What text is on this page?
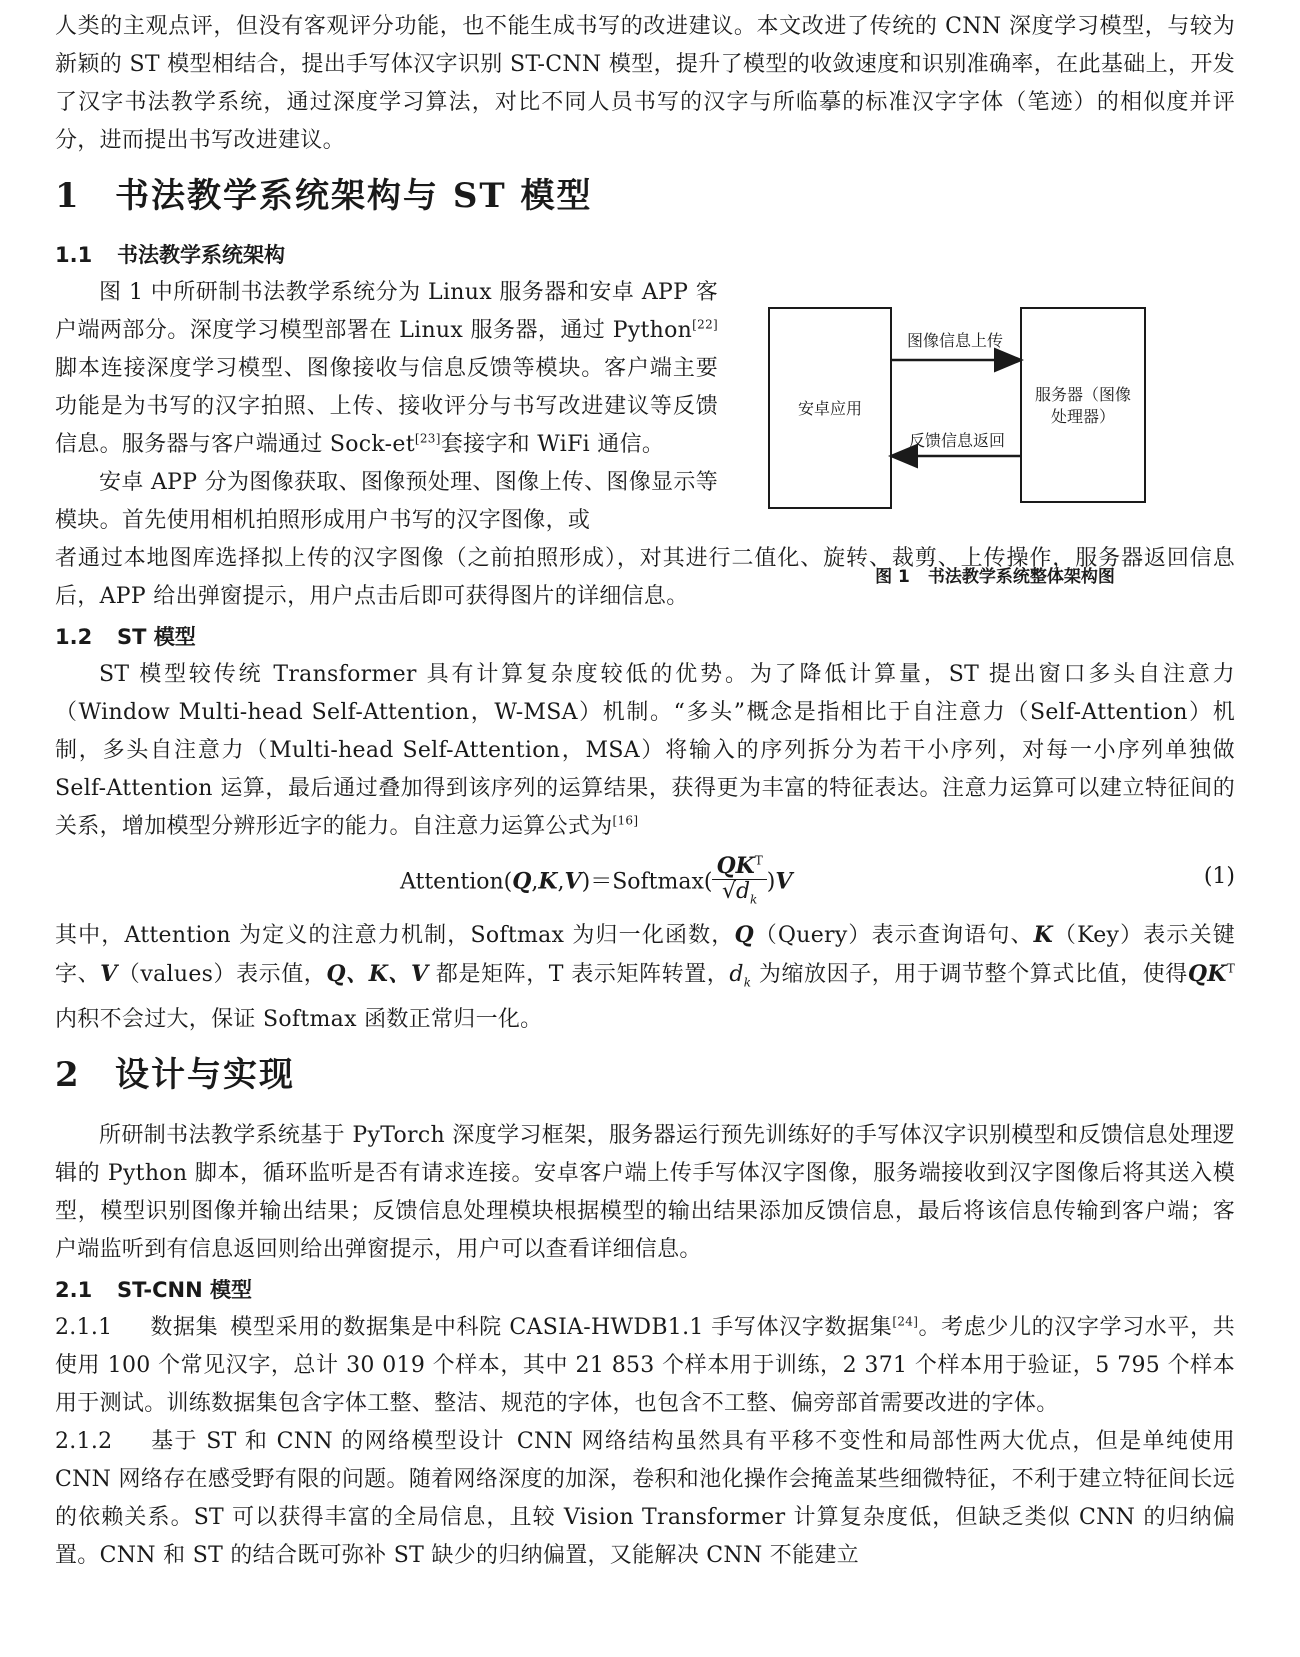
人类的主观点评，但没有客观评分功能，也不能生成书写的改进建议。本文改进了传统的 CNN 深度学习模型，与较为新颖的 ST 模型相结合，提出手写体汉字识别 ST-CNN 模型，提升了模型的收敛速度和识别准确率，在此基础上，开发了汉字书法教学系统，通过深度学习算法，对比不同人员书写的汉字与所临摹的标准汉字字体（笔迹）的相似度并评分，进而提出书写改进建议。

1 书法教学系统架构与 ST 模型
1.1 书法教学系统架构

图 1 中所研制书法教学系统分为 Linux 服务器和安卓 APP 客户端两部分。深度学习模型部署在 Linux 服务器，通过 Python[22]脚本连接深度学习模型、图像接收与信息反馈等模块。客户端主要功能是为书写的汉字拍照、上传、接收评分与书写改进建议等反馈信息。服务器与客户端通过 Sock-et[23]套接字和 WiFi 通信。

安卓 APP 分为图像获取、图像预处理、图像上传、图像显示等模块。首先使用相机拍照形成用户书写的汉字图像，或

安卓应用
服务器（图像
处理器）
图像信息上传
反馈信息返回
图 1 书法教学系统整体架构图

者通过本地图库选择拟上传的汉字图像（之前拍照形成），对其进行二值化、旋转、裁剪、上传操作，服务器返回信息后，APP 给出弹窗提示，用户点击后即可获得图片的详细信息。

1.2 ST 模型

ST 模型较传统 Transformer 具有计算复杂度较低的优势。为了降低计算量，ST 提出窗口多头自注意力（Window Multi-head Self-Attention，W-MSA）机制。“多头”概念是指相比于自注意力（Self-Attention）机制，多头自注意力（Multi-head Self-Attention，MSA）将输入的序列拆分为若干小序列，对每一小序列单独做 Self-Attention 运算，最后通过叠加得到该序列的运算结果，获得更为丰富的特征表达。注意力运算可以建立特征间的关系，增加模型分辨形近字的能力。自注意力运算公式为[16]

Attention(Q,K,V)＝Softmax( $\frac{QK^T}{√d_k} )V$	(1)

其中，Attention 为定义的注意力机制，Softmax 为归一化函数，Q（Query）表示查询语句、K（Key）表示关键字、V（values）表示值，Q、K、V 都是矩阵，T 表示矩阵转置，$d_k$ 为缩放因子，用于调节整个算式比值，使得$QK^T$ 内积不会过大，保证 Softmax 函数正常归一化。

2 设计与实现

所研制书法教学系统基于 PyTorch 深度学习框架，服务器运行预先训练好的手写体汉字识别模型和反馈信息处理逻辑的 Python 脚本，循环监听是否有请求连接。安卓客户端上传手写体汉字图像，服务端接收到汉字图像后将其送入模型，模型识别图像并输出结果；反馈信息处理模块根据模型的输出结果添加反馈信息，最后将该信息传输到客户端；客户端监听到有信息返回则给出弹窗提示，用户可以查看详细信息。

2.1 ST-CNN 模型

2.1.1 数据集 模型采用的数据集是中科院 CASIA-HWDB1.1 手写体汉字数据集[24]。考虑少儿的汉字学习水平，共使用 100 个常见汉字，总计 30 019 个样本，其中 21 853 个样本用于训练，2 371 个样本用于验证，5 795 个样本用于测试。训练数据集包含字体工整、整洁、规范的字体，也包含不工整、偏旁部首需要改进的字体。

2.1.2 基于 ST 和 CNN 的网络模型设计 CNN 网络结构虽然具有平移不变性和局部性两大优点，但是单纯使用 CNN 网络存在感受野有限的问题。随着网络深度的加深，卷积和池化操作会掩盖某些细微特征，不利于建立特征间长远的依赖关系。ST 可以获得丰富的全局信息，且较 Vision Transformer 计算复杂度低，但缺乏类似 CNN 的归纳偏置。CNN 和 ST 的结合既可弥补 ST 缺少的归纳偏置，又能解决 CNN 不能建立
